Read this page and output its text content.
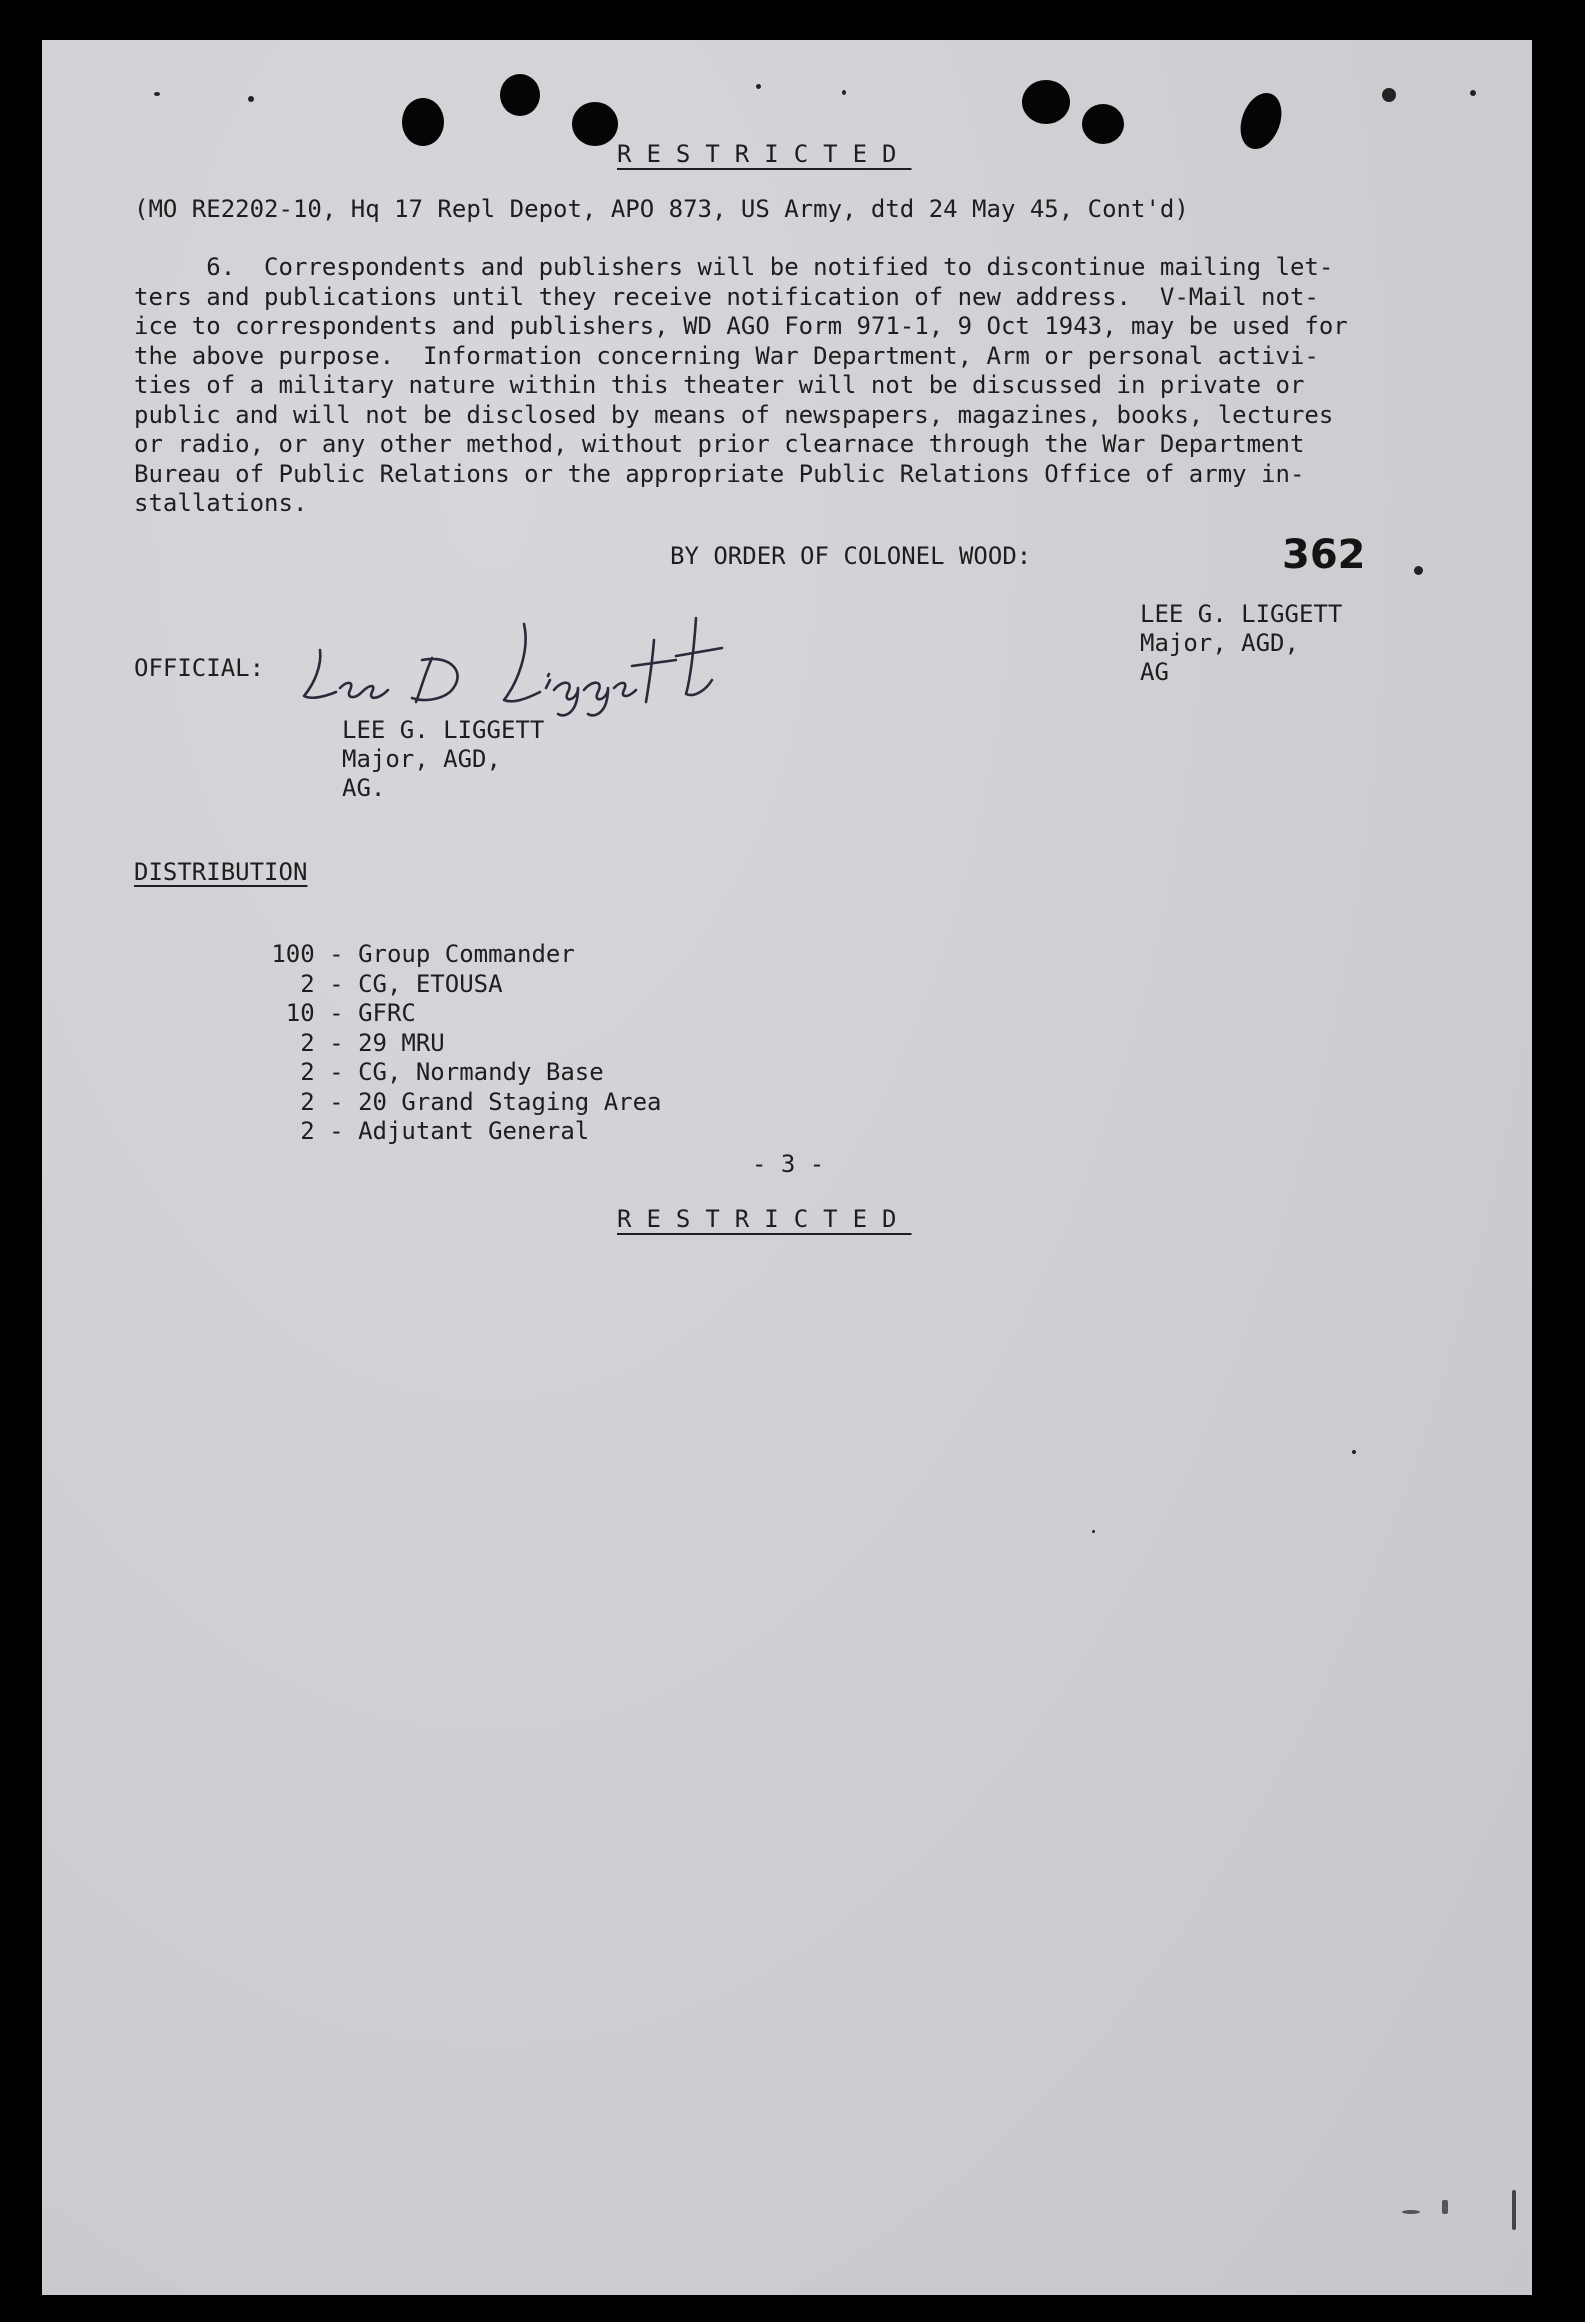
RESTRICTED
(MO RE2202-10, Hq 17 Repl Depot, APO 873, US Army, dtd 24 May 45, Cont'd)
6.  Correspondents and publishers will be notified to discontinue mailing let-
ters and publications until they receive notification of new address.  V-Mail not-
ice to correspondents and publishers, WD AGO Form 971-1, 9 Oct 1943, may be used for
the above purpose.  Information concerning War Department, Arm or personal activi-
ties of a military nature within this theater will not be discussed in private or
public and will not be disclosed by means of newspapers, magazines, books, lectures
or radio, or any other method, without prior clearnace through the War Department
Bureau of Public Relations or the appropriate Public Relations Office of army in-
stallations.
BY ORDER OF COLONEL WOOD:	362
LEE G. LIGGETT
Major, AGD,
AG
OFFICIAL:
LEE G. LIGGETT
Major, AGD,
AG.
DISTRIBUTION

100 - Group Commander

2 - CG, ETOUSA

10 - GFRC

2 - 29 MRU

2 - CG, Normandy Base

2 - 20 Grand Staging Area

2 - Adjutant General

- 3 -
RESTRICTED
